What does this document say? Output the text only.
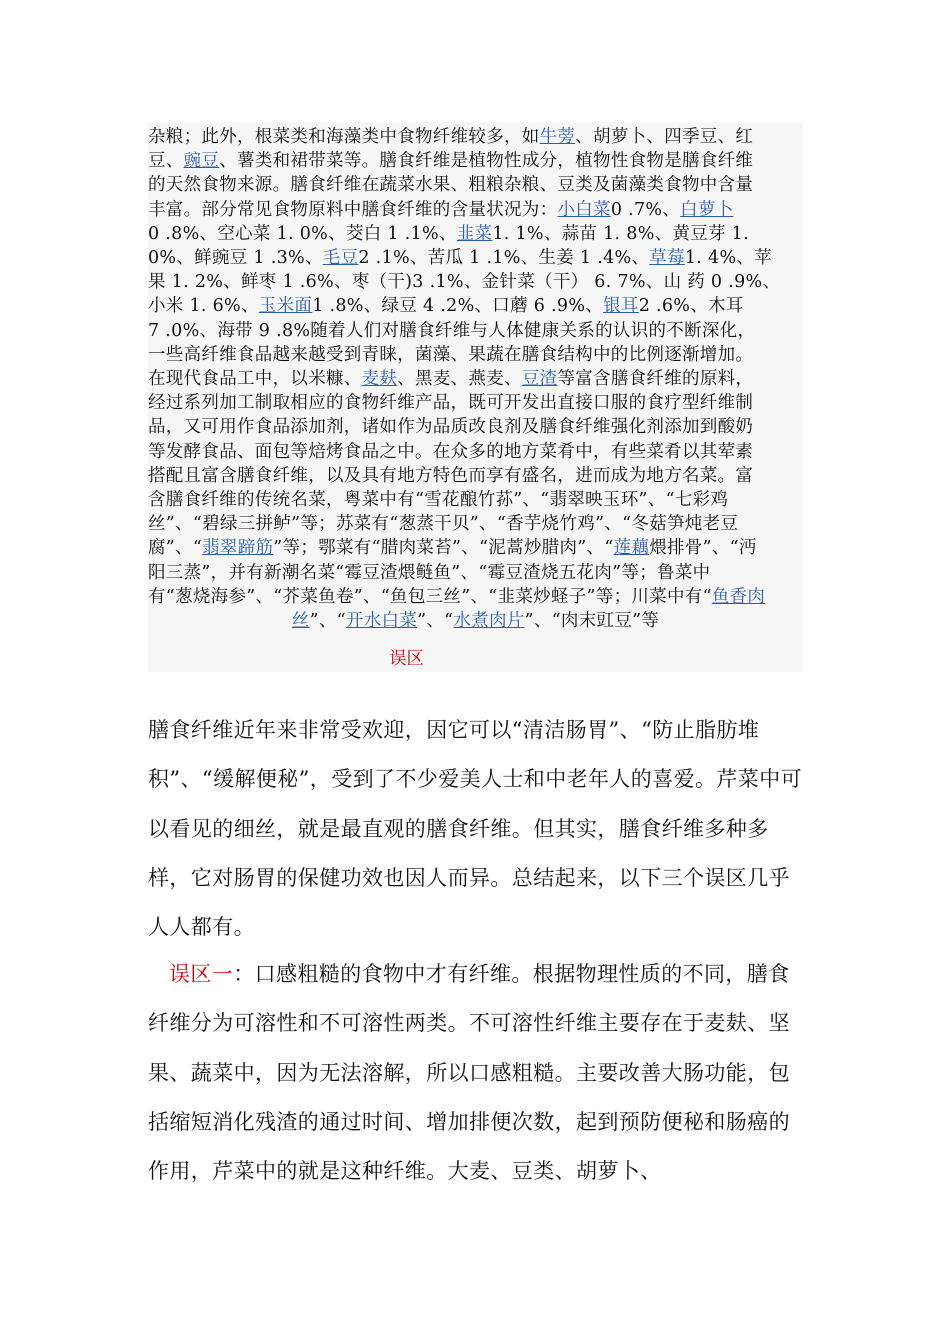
杂粮；此外，根菜类和海藻类中食物纤维较多，如牛蒡、胡萝卜、四季豆、红
豆、豌豆、薯类和裙带菜等。膳食纤维是植物性成分，植物性食物是膳食纤维
的天然食物来源。膳食纤维在蔬菜水果、粗粮杂粮、豆类及菌藻类食物中含量
丰富。部分常见食物原料中膳食纤维的含量状况为：小白菜0 .7%、白萝卜
0 .8%、空心菜 1. 0%、茭白 1 .1%、韭菜1. 1%、蒜苗 1. 8%、黄豆芽 1.
0%、鲜豌豆 1 .3%、毛豆2 .1%、苦瓜 1 .1%、生姜 1 .4%、草莓1. 4%、苹
果 1. 2%、鲜枣 1 .6%、枣（干)3 .1%、金针菜（干） 6. 7%、山 药 0 .9%、
小米 1. 6%、玉米面1 .8%、绿豆 4 .2%、口蘑 6 .9%、银耳2 .6%、木耳
7 .0%、海带 9 .8%随着人们对膳食纤维与人体健康关系的认识的不断深化，
一些高纤维食品越来越受到青睐，菌藻、果蔬在膳食结构中的比例逐渐增加。
在现代食品工中，以米糠、麦麸、黑麦、燕麦、豆渣等富含膳食纤维的原料，
经过系列加工制取相应的食物纤维产品，既可开发出直接口服的食疗型纤维制
品，又可用作食品添加剂，诸如作为品质改良剂及膳食纤维强化剂添加到酸奶
等发酵食品、面包等焙烤食品之中。在众多的地方菜肴中，有些菜肴以其荤素
搭配且富含膳食纤维，以及具有地方特色而享有盛名，进而成为地方名菜。富
含膳食纤维的传统名菜，粤菜中有“雪花酿竹荪”、“翡翠映玉环”、“七彩鸡
丝”、“碧绿三拼鲈”等；苏菜有“葱蒸干贝”、“香芋烧竹鸡”、“冬菇笋炖老豆
腐”、“翡翠蹄筋”等；鄂菜有“腊肉菜苔”、“泥蒿炒腊肉”、“莲藕煨排骨”、“沔
阳三蒸”，并有新潮名菜“霉豆渣煨鲢鱼”、“霉豆渣烧五花肉”等；鲁菜中
有“葱烧海参”、“芥菜鱼卷”、“鱼包三丝”、“韭菜炒蛏子”等；川菜中有“鱼香肉
丝”、“开水白菜”、“水煮肉片”、“肉末豇豆”等
误区

膳食纤维近年来非常受欢迎，因它可以“清洁肠胃”、“防止脂肪堆积”、“缓解便秘”，受到了不少爱美人士和中老年人的喜爱。芹菜中可以看见的细丝，就是最直观的膳食纤维。但其实，膳食纤维多种多样，它对肠胃的保健功效也因人而异。总结起来，以下三个误区几乎人人都有。

误区一：口感粗糙的食物中才有纤维。根据物理性质的不同，膳食纤维分为可溶性和不可溶性两类。不可溶性纤维主要存在于麦麸、坚果、蔬菜中，因为无法溶解，所以口感粗糙。主要改善大肠功能，包括缩短消化残渣的通过时间、增加排便次数，起到预防便秘和肠癌的作用，芹菜中的就是这种纤维。大麦、豆类、胡萝卜、
